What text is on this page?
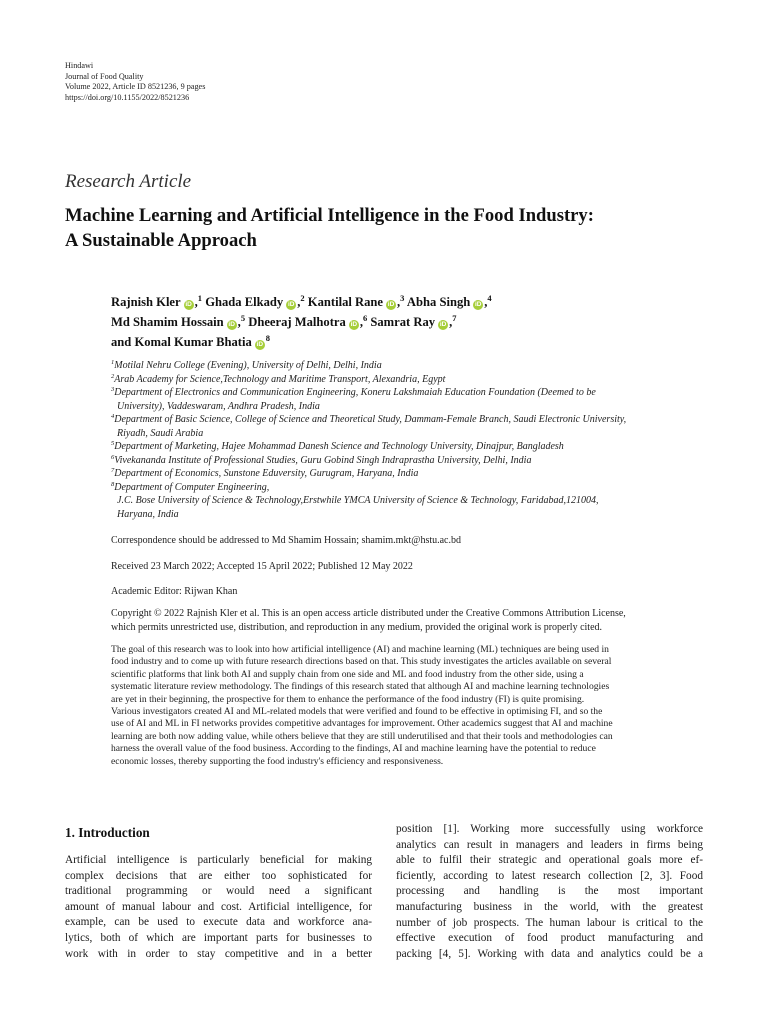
Hindawi
Journal of Food Quality
Volume 2022, Article ID 8521236, 9 pages
https://doi.org/10.1155/2022/8521236
Research Article
Machine Learning and Artificial Intelligence in the Food Industry:
A Sustainable Approach
Rajnish Kler iD ,$^1$ Ghada Elkady iD ,$^2$ Kantilal Rane iD ,$^3$ Abha Singh iD ,$^4$
Md Shamim Hossain iD ,$^5$ Dheeraj Malhotra iD ,$^6$ Samrat Ray iD ,$^7$
and Komal Kumar Bhatia $iD^8$
$^1$Motilal Nehru College (Evening), University of Delhi, Delhi, India
$^2$Arab Academy for Science,Technology and Maritime Transport, Alexandria, Egypt
$^3$Department of Electronics and Communication Engineering, Koneru Lakshmaiah Education Foundation (Deemed to be
University), Vaddeswaram, Andhra Pradesh, India
$^4$Department of Basic Science, College of Science and Theoretical Study, Dammam-Female Branch, Saudi Electronic University,
Riyadh, Saudi Arabia
$^5$Department of Marketing, Hajee Mohammad Danesh Science and Technology University, Dinajpur, Bangladesh
$^6$Vivekananda Institute of Professional Studies, Guru Gobind Singh Indraprastha University, Delhi, India
$^7$Department of Economics, Sunstone Eduversity, Gurugram, Haryana, India
$^8$Department of Computer Engineering,
J.C. Bose University of Science & Technology,Erstwhile YMCA University of Science & Technology, Faridabad,121004,
Haryana, India
Correspondence should be addressed to Md Shamim Hossain; shamim.mkt@hstu.ac.bd
Received 23 March 2022; Accepted 15 April 2022; Published 12 May 2022
Academic Editor: Rijwan Khan
Copyright © 2022 Rajnish Kler et al. This is an open access article distributed under the Creative Commons Attribution License,
which permits unrestricted use, distribution, and reproduction in any medium, provided the original work is properly cited.
The goal of this research was to look into how artificial intelligence (AI) and machine learning (ML) techniques are being used in
food industry and to come up with future research directions based on that. This study investigates the articles available on several
scientific platforms that link both AI and supply chain from one side and ML and food industry from the other side, using a
systematic literature review methodology. The findings of this research stated that although AI and machine learning technologies
are yet in their beginning, the prospective for them to enhance the performance of the food industry (FI) is quite promising.
Various investigators created AI and ML-related models that were verified and found to be effective in optimising FI, and so the
use of AI and ML in FI networks provides competitive advantages for improvement. Other academics suggest that AI and machine
learning are both now adding value, while others believe that they are still underutilised and that their tools and methodologies can
harness the overall value of the food business. According to the findings, AI and machine learning have the potential to reduce
economic losses, thereby supporting the food industry's efficiency and responsiveness.
1. Introduction
Artificial intelligence is particularly beneficial for making
complex decisions that are either too sophisticated for
traditional programming or would need a significant
amount of manual labour and cost. Artificial intelligence, for
example, can be used to execute data and workforce ana-
lytics, both of which are important parts for businesses to
work with in order to stay competitive and in a better
position [1]. Working more successfully using workforce
analytics can result in managers and leaders in firms being
able to fulfil their strategic and operational goals more ef-
ficiently, according to latest research collection [2, 3]. Food
processing and handling is the most important
manufacturing business in the world, with the greatest
number of job prospects. The human labour is critical to the
effective execution of food product manufacturing and
packing [4, 5]. Working with data and analytics could be a
